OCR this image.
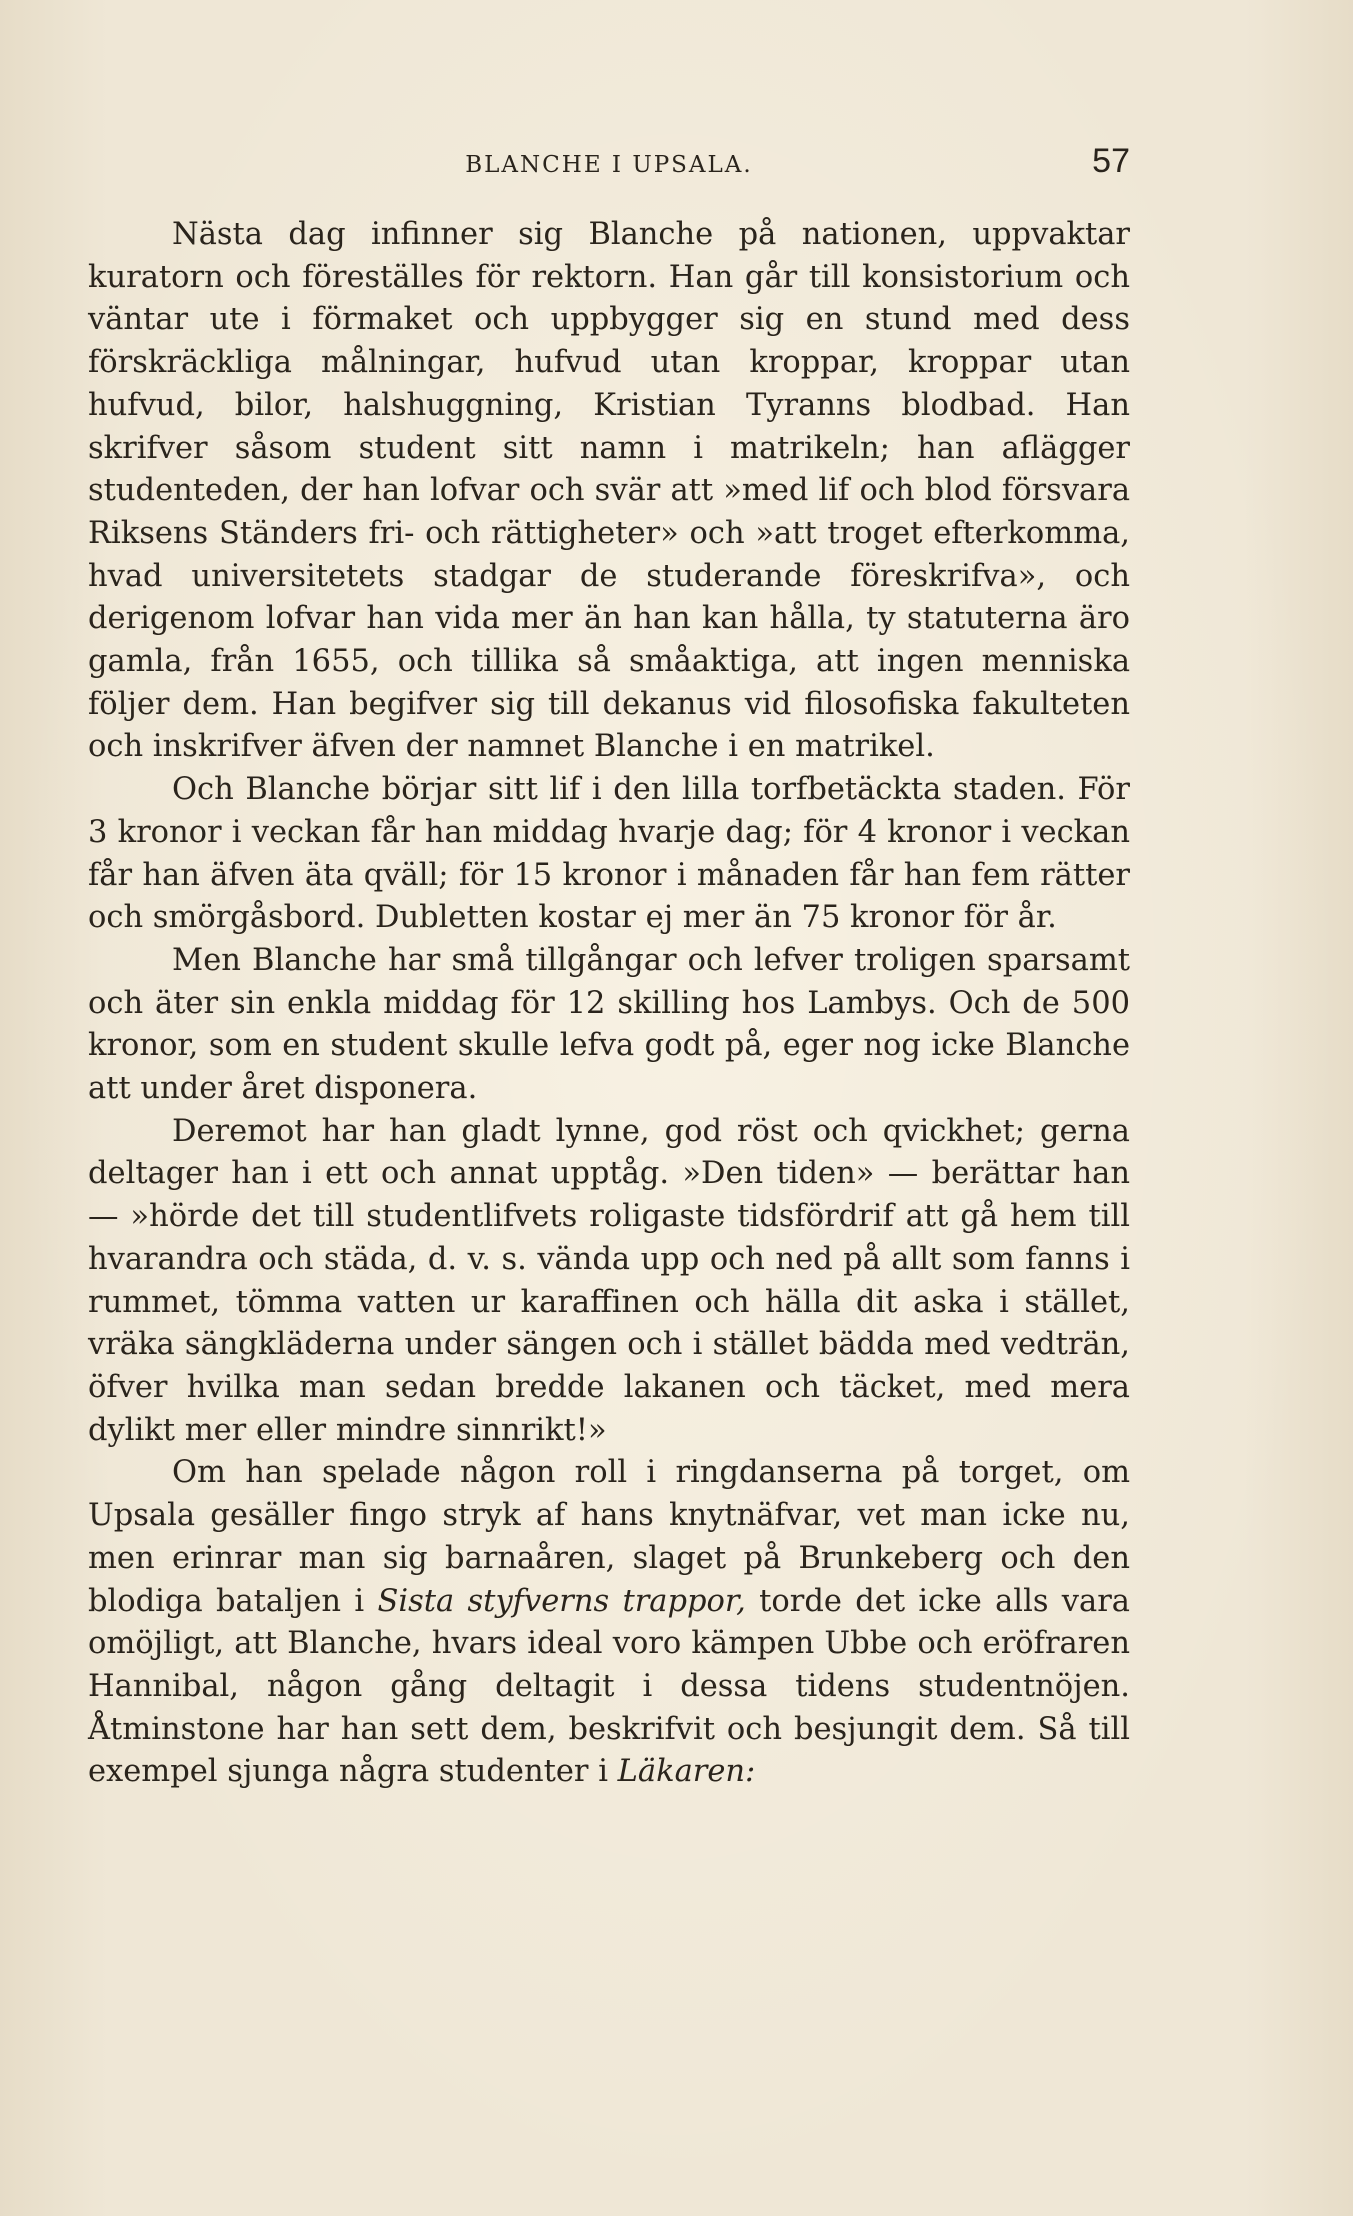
BLANCHE I UPSALA.	57

Nästa dag infinner sig Blanche på nationen, uppvaktar kuratorn och föreställes för rektorn. Han går till konsistorium och väntar ute i förmaket och uppbygger sig en stund med dess förskräckliga målningar, hufvud utan kroppar, kroppar utan hufvud, bilor, halshuggning, Kristian Tyranns blodbad. Han skrifver såsom student sitt namn i matrikeln; han aflägger studenteden, der han lofvar och svär att »med lif och blod försvara Riksens Ständers fri- och rättigheter» och »att troget efterkomma, hvad universitetets stadgar de studerande föreskrifva», och derigenom lofvar han vida mer än han kan hålla, ty statuterna äro gamla, från 1655, och tillika så småaktiga, att ingen menniska följer dem. Han begifver sig till dekanus vid filosofiska fakulteten och inskrifver äfven der namnet Blanche i en matrikel.

Och Blanche börjar sitt lif i den lilla torfbetäckta staden. För 3 kronor i veckan får han middag hvarje dag; för 4 kronor i veckan får han äfven äta qväll; för 15 kronor i månaden får han fem rätter och smörgåsbord. Dubletten kostar ej mer än 75 kronor för år.

Men Blanche har små tillgångar och lefver troligen sparsamt och äter sin enkla middag för 12 skilling hos Lambys. Och de 500 kronor, som en student skulle lefva godt på, eger nog icke Blanche att under året disponera.

Deremot har han gladt lynne, god röst och qvickhet; gerna deltager han i ett och annat upptåg. »Den tiden» — berättar han — »hörde det till studentlifvets roligaste tidsfördrif att gå hem till hvarandra och städa, d. v. s. vända upp och ned på allt som fanns i rummet, tömma vatten ur karaffinen och hälla dit aska i stället, vräka sängkläderna under sängen och i stället bädda med vedträn, öfver hvilka man sedan bredde lakanen och täcket, med mera dylikt mer eller mindre sinnrikt!»

Om han spelade någon roll i ringdanserna på torget, om Upsala gesäller fingo stryk af hans knytnäfvar, vet man icke nu, men erinrar man sig barnaåren, slaget på Brunkeberg och den blodiga bataljen i Sista styfverns trappor, torde det icke alls vara omöjligt, att Blanche, hvars ideal voro kämpen Ubbe och eröfraren Hannibal, någon gång deltagit i dessa tidens studentnöjen. Åtminstone har han sett dem, beskrifvit och besjungit dem. Så till exempel sjunga några studenter i Läkaren:
